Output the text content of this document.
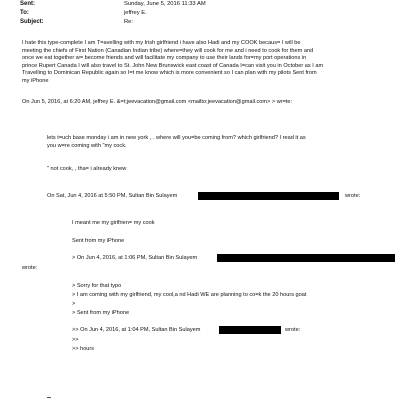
Sent:	Sunday, June 5, 2016 11:33 AM
To:	jeffrey E.
Subject:	Re:
I hate this type-complete I am T=avelling with my Irish girlfriend i have also Hadi and my COOK becaus= I will be
meeting the chiefs of First Nation (Canadian Indian tribe) where=they will cook for me and i need to cook for them and
once we eat together w= become friends and will facilitate my company to use their lands for=my port operations in
prince Rupert Canada I will also travel to St. John New Brunswick east coast of Canada I=can visit you in October as I am
Travelling to Dominican Republic again so I=t me know which is more convenient so I can plan with my pilots Sent from
my iPhone
On Jun 5, 2016, at 6:20 AM, jeffrey E. &=t;jeevacation@gmail.com <mailto:jeevacation@gmail.com> > wr=te:
lets t=uch base monday i am in new york , . where will you=be coming from? which girlfriend? I read it as
you w=re coming with "my cock.
" not cook, , tha= i already knew
On Sat, Jun 4, 2016 at 5:50 PM, Sultan Bin Sulayem	wrote:
I meant me my girlfrien= my cook
Sent from my iPhone
> On Jun 4, 2016, at 1:06 PM, Sultan Bin Sulayem
wrote:
> Sorry for that typo
> I am coming with my girlfriend, my cool,a nd Hadi WE are planning to co=k the 20 hours goat
>
> Sent from my iPhone
>> On Jun 4, 2016, at 1:04 PM, Sultan Bin Sulayem	wrote:
>>
>> hours
